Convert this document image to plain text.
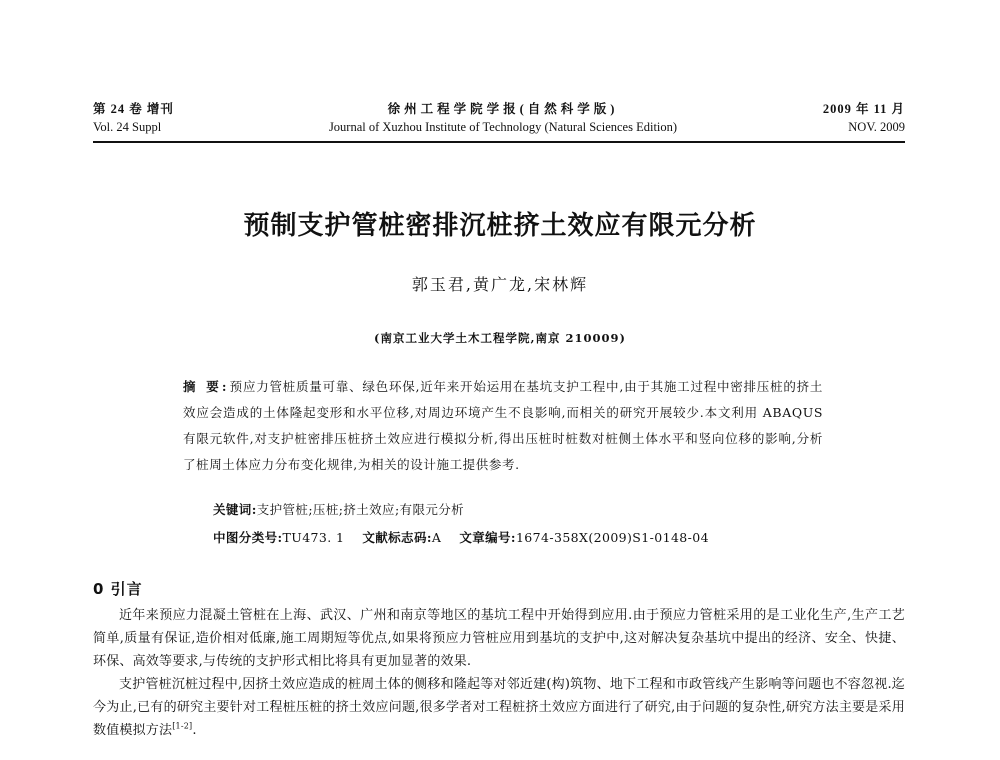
第 24 卷 增刊
Vol. 24 Suppl
徐州工程学院学报(自然科学版)
Journal of Xuzhou Institute of Technology (Natural Sciences Edition)
2009 年 11 月
NOV. 2009
预制支护管桩密排沉桩挤土效应有限元分析
郭玉君,黄广龙,宋林辉
(南京工业大学土木工程学院,南京 210009)
摘 要:预应力管桩质量可靠、绿色环保,近年来开始运用在基坑支护工程中,由于其施工过程中密排压桩的挤土效应会造成的土体隆起变形和水平位移,对周边环境产生不良影响,而相关的研究开展较少.本文利用 ABAQUS 有限元软件,对支护桩密排压桩挤土效应进行模拟分析,得出压桩时桩数对桩侧土体水平和竖向位移的影响,分析了桩周土体应力分布变化规律,为相关的设计施工提供参考.
关键词:支护管桩;压桩;挤土效应;有限元分析
中图分类号:TU473. 1 文献标志码:A 文章编号:1674-358X(2009)S1-0148-04
0 引言

近年来预应力混凝土管桩在上海、武汉、广州和南京等地区的基坑工程中开始得到应用.由于预应力管桩采用的是工业化生产,生产工艺简单,质量有保证,造价相对低廉,施工周期短等优点,如果将预应力管桩应用到基坑的支护中,这对解决复杂基坑中提出的经济、安全、快捷、环保、高效等要求,与传统的支护形式相比将具有更加显著的效果.

支护管桩沉桩过程中,因挤土效应造成的桩周土体的侧移和隆起等对邻近建(构)筑物、地下工程和市政管线产生影响等问题也不容忽视.迄今为止,已有的研究主要针对工程桩压桩的挤土效应问题,很多学者对工程桩挤土效应方面进行了研究,由于问题的复杂性,研究方法主要是采用数值模拟方法[1-2].
